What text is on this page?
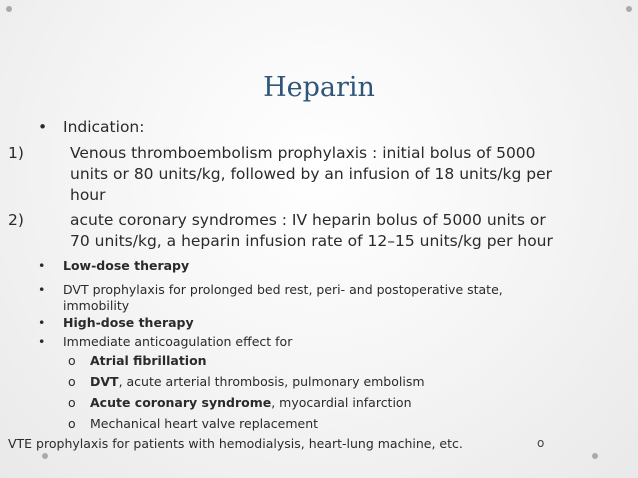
Heparin
• Indication:
1)	Venous thromboembolism prophylaxis : initial bolus of 5000
units or 80 units/kg, followed by an infusion of 18 units/kg per
hour
2)	acute coronary syndromes : IV heparin bolus of 5000 units or
70 units/kg, a heparin infusion rate of 12–15 units/kg per hour
• Low-dose therapy
• DVT prophylaxis for prolonged bed rest, peri- and postoperative state,
immobility
• High-dose therapy
• Immediate anticoagulation effect for
o Atrial fibrillation
o DVT, acute arterial thrombosis, pulmonary embolism
o Acute coronary syndrome, myocardial infarction
o Mechanical heart valve replacement
VTE prophylaxis for patients with hemodialysis, heart-lung machine, etc.	o
